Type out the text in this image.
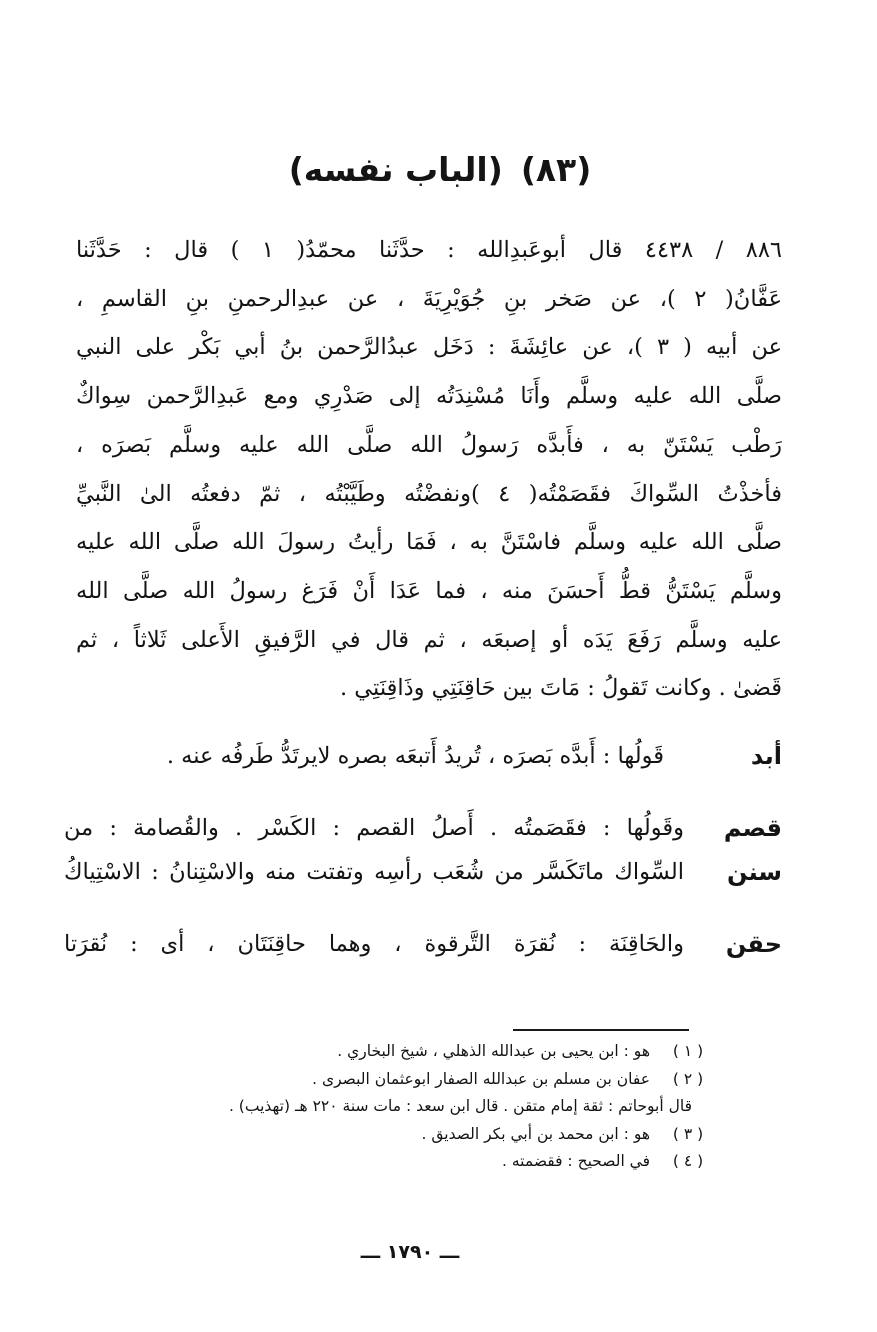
(٨٣)(الباب نفسه)
٨٨٦ / ٤٤٣٨ قال أبوعَبدِالله : حدَّثَنا محمّدُ( ١ ) قال : حَدَّثَنا
عَفَّانُ( ٢ )، عن صَخر بنِ جُوَيْرِيَةَ ، عن عبدِالرحمنِ بنِ القاسمِ ،
عن أبيه ( ٣ )، عن عائِشَةَ : دَخَل عبدُالرَّحمن بنُ أبي بَكْر على النبي
صلَّى الله عليه وسلَّم وأَنَا مُسْنِدَتُه إلى صَدْرِي ومع عَبدِالرَّحمن سِواكٌ
رَطْب يَسْتَنّ به ، فأَبدَّه رَسولُ الله صلَّى الله عليه وسلَّم بَصرَه ،
فأخذْتُ السِّواكَ فقَصَمْتُه( ٤ )ونفضْتُه وطَيَّبْتُه ، ثمّ دفعتُه الىٰ النَّبيِّ
صلَّى الله عليه وسلَّم فاسْتَنَّ به ، فَمَا رأيتُ رسولَ الله صلَّى الله عليه
وسلَّم يَسْتَنُّ قطُّ أَحسَنَ منه ، فما عَدَا أَنْ فَرَغ رسولُ الله صلَّى الله
عليه وسلَّم رَفَعَ يَدَه أو إصبعَه ، ثم قال في الرَّفيقِ الأَعلى ثَلاثاً ، ثم
قَضىٰ . وكانت تَقولُ : مَاتَ بين حَاقِنَتِي وذَاقِنَتِي .
أبد
قَولُها : أَبدَّه بَصرَه ، تُريدُ أَتبعَه بصره لايرتَدُّ طَرفُه عنه .
قصم
وقَولُها : فقَصَمتُه . أَصلُ القصم : الكَسْر . والقُصامة : من
سنن
السِّواك ماتَكَسَّر من شُعَب رأسِه وتفتت منه والاسْتِنانُ : الاسْتِياكُ
حقن
والحَاقِنَة : نُقرَة التَّرقوة ، وهما حاقِنَتَان ، أى : نُقرَتا
( ١ )
هو : ابن يحيى بن عبدالله الذهلي ، شيخ البخاري .
( ٢ )
عفان بن مسلم بن عبدالله الصفار ابوعثمان البصرى .
قال أبوحاتم : ثقة إمام متقن . قال ابن سعد : مات سنة ٢٢٠ هـ (تهذيب) .
( ٣ )
هو : ابن محمد بن أبي بكر الصديق .
( ٤ )
في الصحيح : فقضمته .
ـــ ١٧٩٠ ـــ
